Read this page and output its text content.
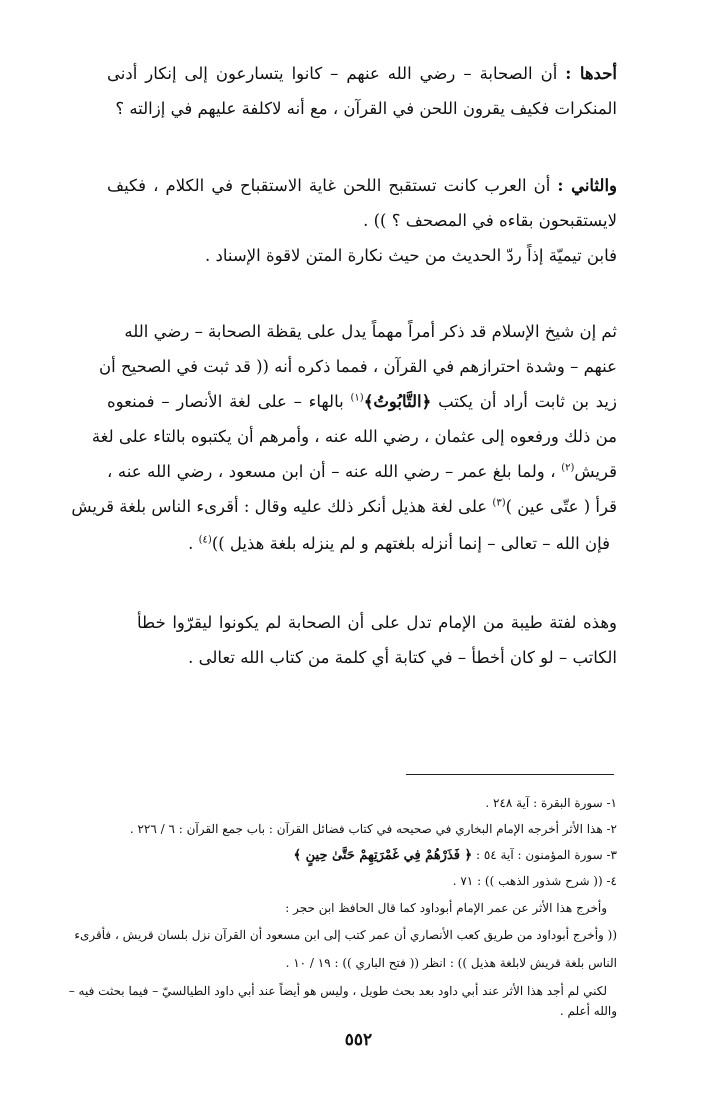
أحدها : أن الصحابة – رضي الله عنهم – كانوا يتسارعون إلى إنكار أدنى
المنكرات فكيف يقرون اللحن في القرآن ، مع أنه لاكلفة عليهم في إزالته ؟
والثاني : أن العرب كانت تستقبح اللحن غاية الاستقباح في الكلام ، فكيف
لايستقبحون بقاءه في المصحف ؟ )) .
فابن تيميّة إذاً ردّ الحديث من حيث نكارة المتن لاقوة الإسناد .
ثم إن شيخ الإسلام قد ذكر أمراً مهماً يدل على يقظة الصحابة – رضي الله
عنهم – وشدة احترازهم في القرآن ، فمما ذكره أنه (( قد ثبت في الصحيح أن
زيد بن ثابت أراد أن يكتب ﴿التَّابُوتُ﴾$^{(١)}$ بالهاء – على لغة الأنصار – فمنعوه
من ذلك ورفعوه إلى عثمان ، رضي الله عنه ، وأمرهم أن يكتبوه بالتاء على لغة
قريش$^{(٢)}$ ، ولما بلغ عمر – رضي الله عنه – أن ابن مسعود ، رضي الله عنه ،
قرأ ( عتّى عين )$^{(٣)}$ على لغة هذيل أنكر ذلك عليه وقال : أقرىء الناس بلغة قريش
فإن الله – تعالى – إنما أنزله بلغتهم و لم ينزله بلغة هذيل ))$^{(٤)}$ .
وهذه لفتة طيبة من الإمام تدل على أن الصحابة لم يكونوا ليقرّوا خطأ
الكاتب – لو كان أخطأ – في كتابة أي كلمة من كتاب الله تعالى .
١- سورة البقرة : آية ٢٤٨ .
٢- هذا الأثر أخرجه الإمام البخاري في صحيحه في كتاب فضائل القرآن : باب جمع القرآن : ٦ / ٢٢٦ .
٣- سورة المؤمنون : آية ٥٤ : ﴿ فَذَرْهُمْ فِي غَمْرَتِهِمْ حَتَّىٰ حِينٍ ﴾
٤- (( شرح شذور الذهب )) : ٧١ .
وأخرج هذا الأثر عن عمر الإمام أبوداود كما قال الحافظ ابن حجر :
(( وأخرج أبوداود من طريق كعب الأنصاري أن عمر كتب إلى ابن مسعود أن القرآن نزل بلسان قريش ، فأقرىء
الناس بلغة قريش لابلغة هذيل )) : انظر (( فتح الباري )) : ١٩ / ١٠ .
لكني لم أجد هذا الأثر عند أبي داود بعد بحث طويل ، وليس هو أيضاً عند أبي داود الطيالسيّ – فيما بحثت فيه –
والله أعلم .
٥٥٢
